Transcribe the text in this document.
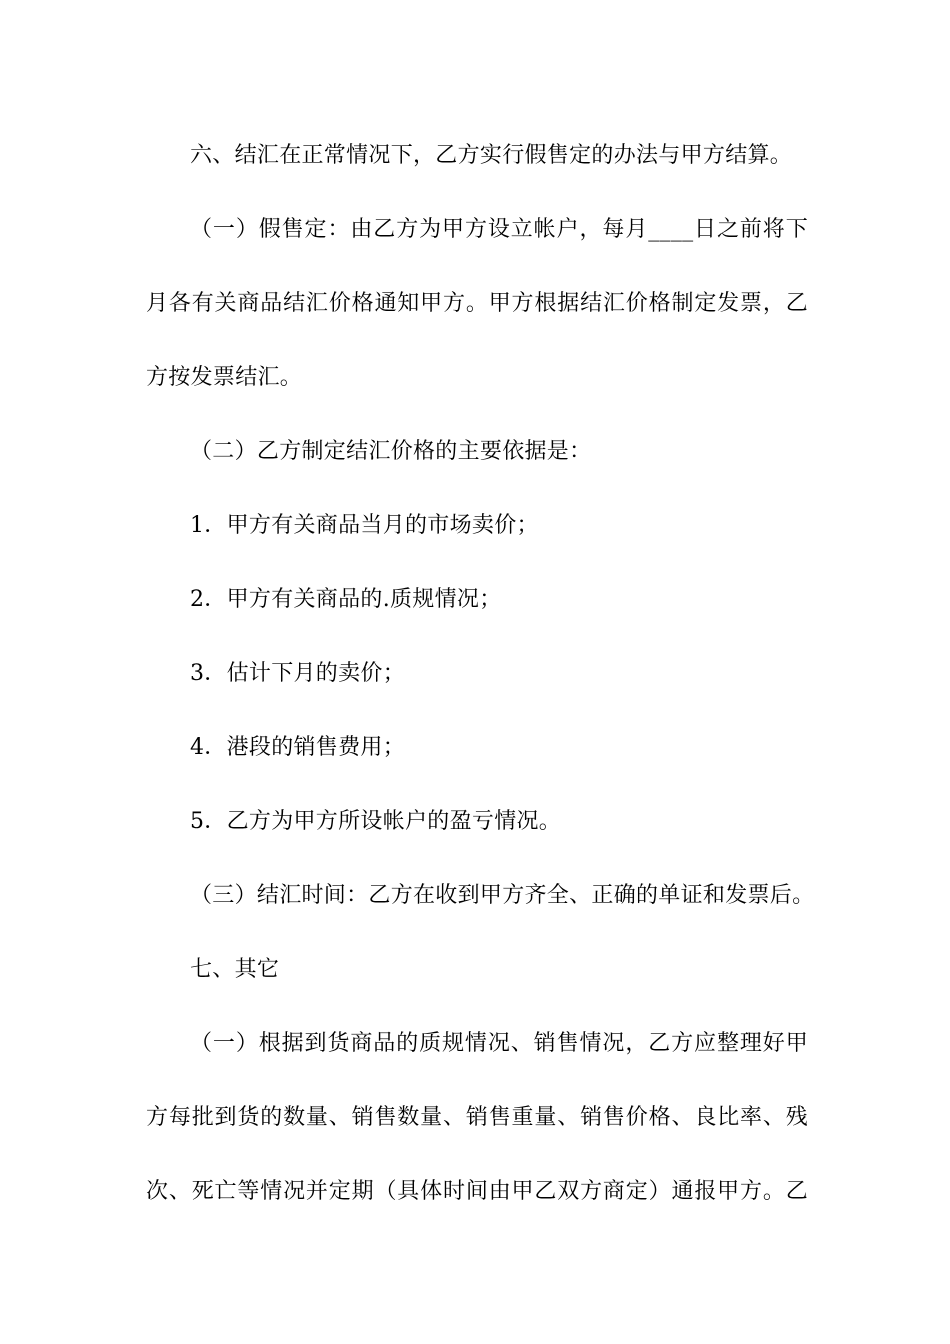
六、结汇在正常情况下，乙方实行假售定的办法与甲方结算。
（一）假售定：由乙方为甲方设立帐户，每月____日之前将下
月各有关商品结汇价格通知甲方。甲方根据结汇价格制定发票，乙
方按发票结汇。
（二）乙方制定结汇价格的主要依据是：
1．甲方有关商品当月的市场卖价；
2．甲方有关商品的.质规情况；
3．估计下月的卖价；
4．港段的销售费用；
5．乙方为甲方所设帐户的盈亏情况。
（三）结汇时间：乙方在收到甲方齐全、正确的单证和发票后。
七、其它
（一）根据到货商品的质规情况、销售情况，乙方应整理好甲
方每批到货的数量、销售数量、销售重量、销售价格、良比率、残
次、死亡等情况并定期（具体时间由甲乙双方商定）通报甲方。乙
